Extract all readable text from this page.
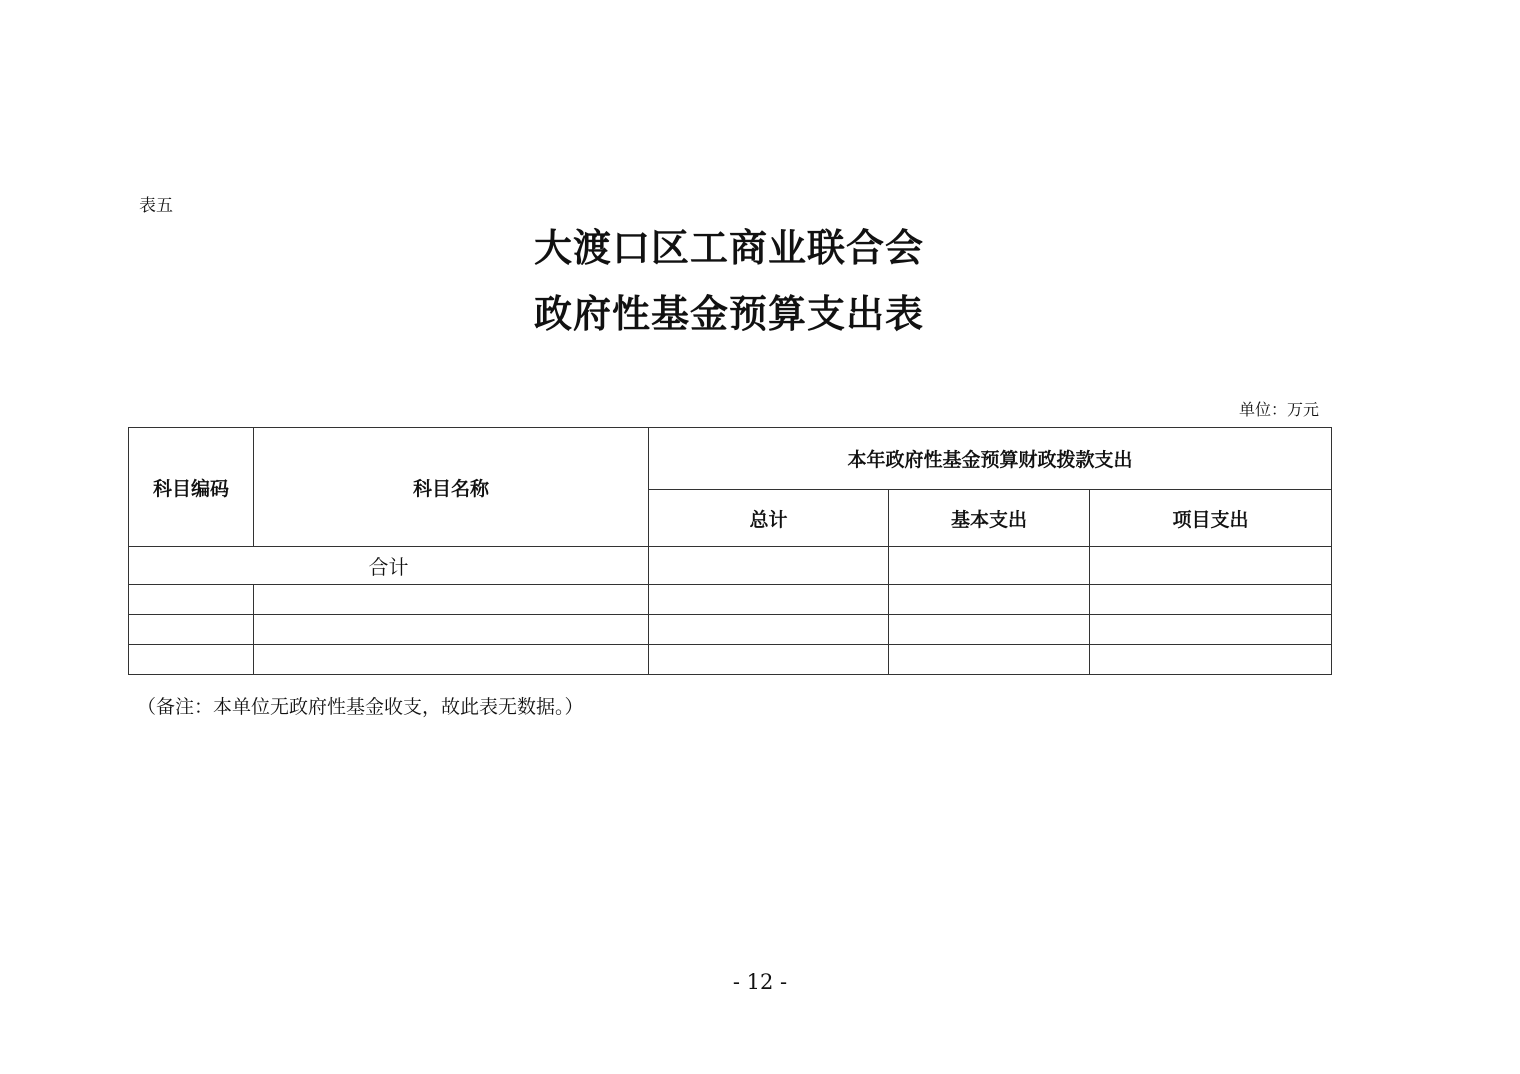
表五
大渡口区工商业联合会
政府性基金预算支出表
单位：万元
科目编码	科目名称	本年政府性基金预算财政拨款支出		
		总计	基本支出	项目支出
合计				

（备注：本单位无政府性基金收支，故此表无数据。）
- 12 -
